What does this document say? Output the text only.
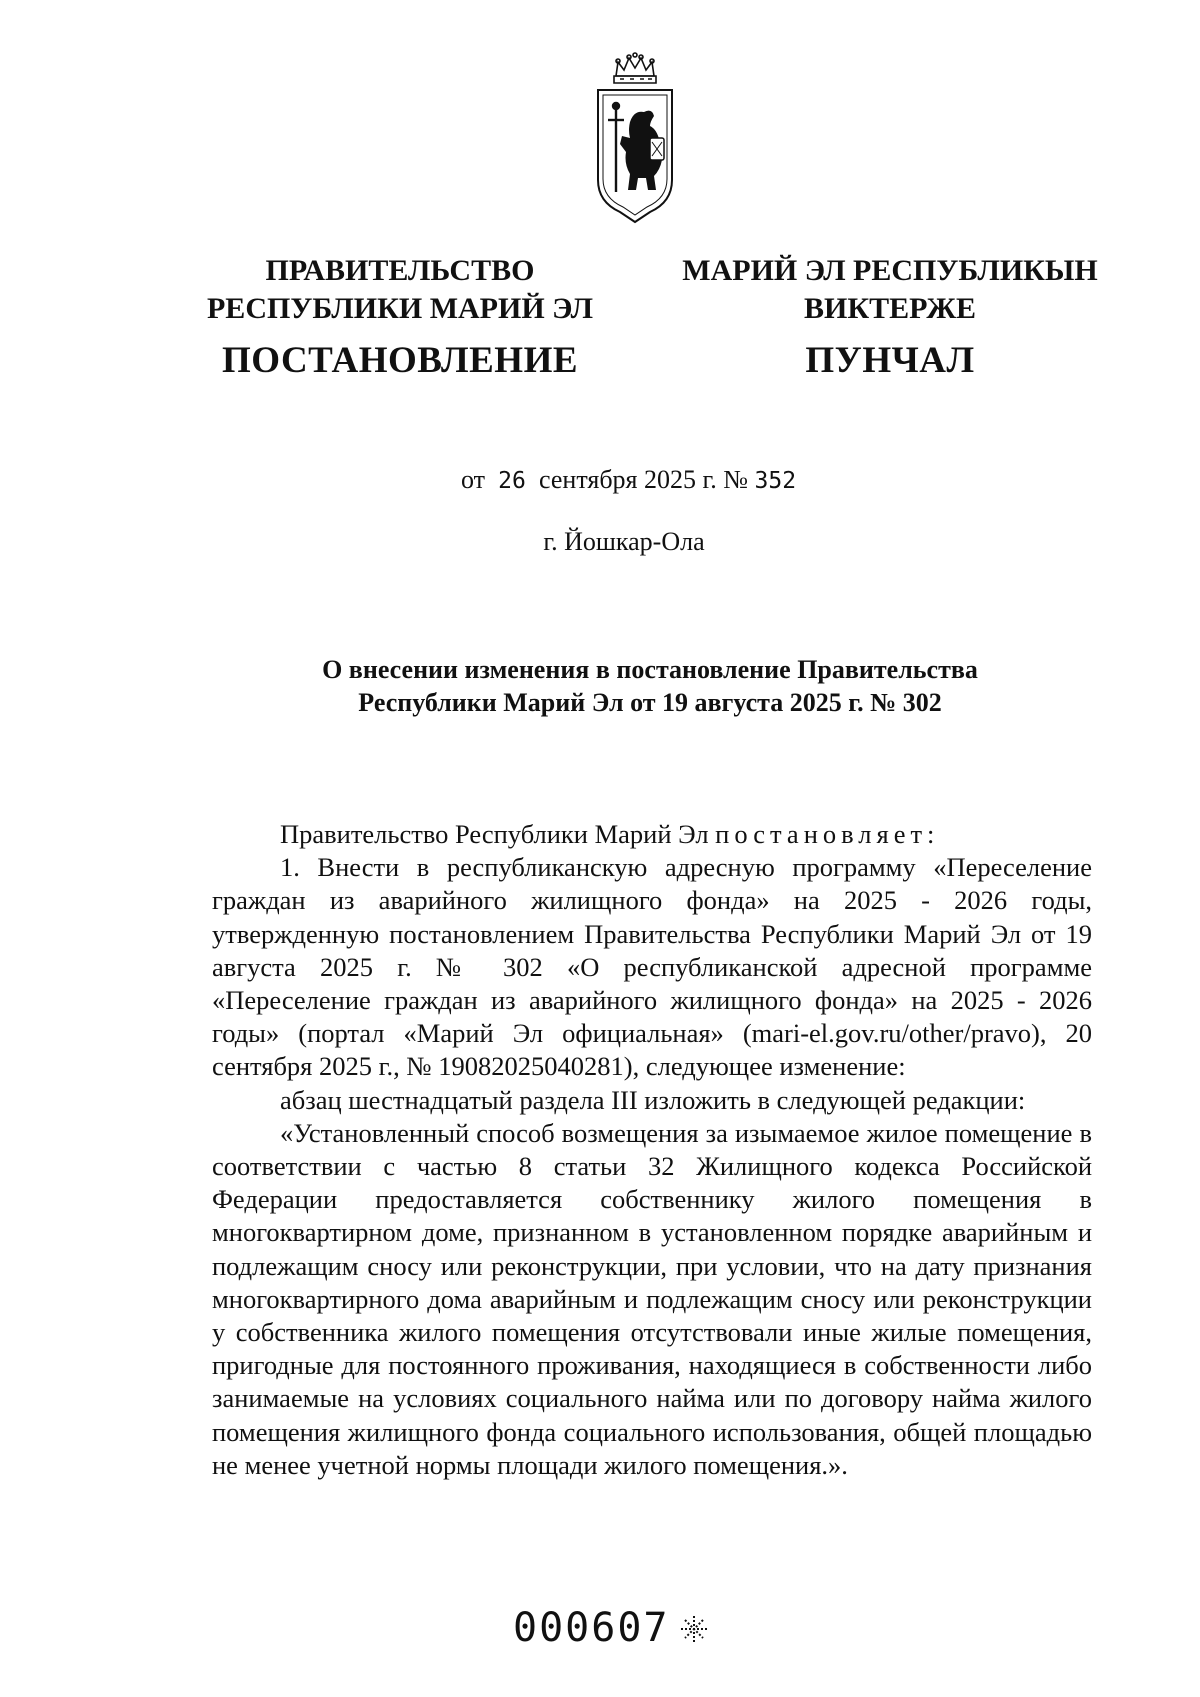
ПРАВИТЕЛЬСТВО
РЕСПУБЛИКИ МАРИЙ ЭЛ
ПОСТАНОВЛЕНИЕ
МАРИЙ ЭЛ РЕСПУБЛИКЫН
ВИКТЕРЖЕ
ПУНЧАЛ
от 26 сентября 2025 г. № 352
г. Йошкар-Ола
О внесении изменения в постановление Правительства
Республики Марий Эл от 19 августа 2025 г. № 302
Правительство Республики Марий Эл постановляет:
1. Внести в республиканскую адресную программу «Переселение граждан из аварийного жилищного фонда» на 2025 - 2026 годы, утвержденную постановлением Правительства Республики Марий Эл от 19 августа 2025 г. № 302 «О республиканской адресной программе «Переселение граждан из аварийного жилищного фонда» на 2025 - 2026 годы» (портал «Марий Эл официальная» (mari-el.gov.ru/other/pravo), 20 сентября 2025 г., № 19082025040281), следующее изменение:
абзац шестнадцатый раздела III изложить в следующей редакции:
«Установленный способ возмещения за изымаемое жилое помещение в соответствии с частью 8 статьи 32 Жилищного кодекса Российской Федерации предоставляется собственнику жилого помещения в многоквартирном доме, признанном в установленном порядке аварийным и подлежащим сносу или реконструкции, при условии, что на дату признания многоквартирного дома аварийным и подлежащим сносу или реконструкции у собственника жилого помещения отсутствовали иные жилые помещения, пригодные для постоянного проживания, находящиеся в собственности либо занимаемые на условиях социального найма или по договору найма жилого помещения жилищного фонда социального использования, общей площадью не менее учетной нормы площади жилого помещения.».
000607
